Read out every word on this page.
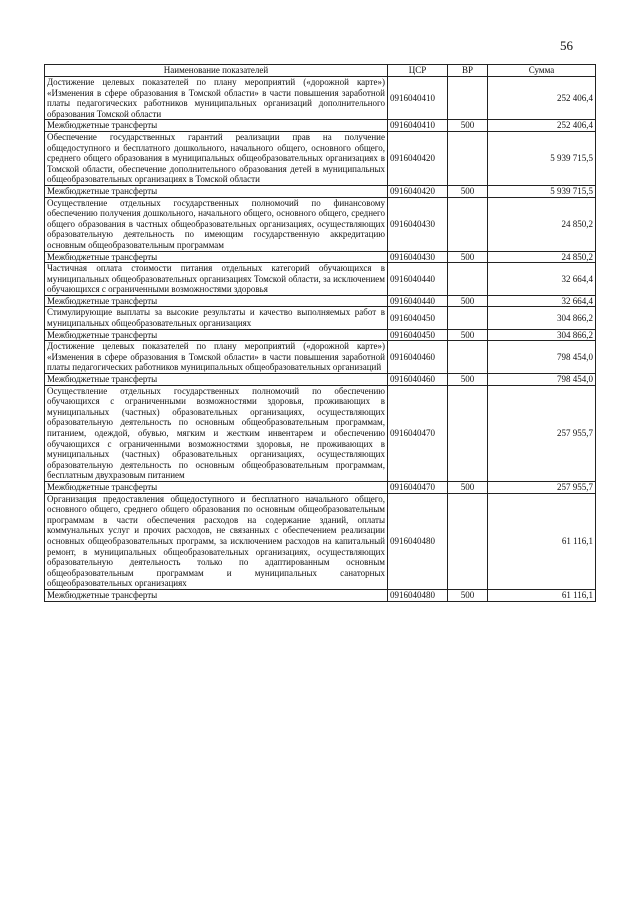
56
Наименование показателей	ЦСР	ВР	Сумма
Достижение целевых показателей по плану мероприятий («дорожной карте») «Изменения в сфере образования в Томской области» в части повышения заработной платы педагогических работников муниципальных организаций дополнительного образования Томской области	0916040410		252 406,4
Межбюджетные трансферты	0916040410	500	252 406,4
Обеспечение государственных гарантий реализации прав на получение общедоступного и бесплатного дошкольного, начального общего, основного общего, среднего общего образования в муниципальных общеобразовательных организациях в Томской области, обеспечение дополнительного образования детей в муниципальных общеобразовательных организациях в Томской области	0916040420		5 939 715,5
Межбюджетные трансферты	0916040420	500	5 939 715,5
Осуществление отдельных государственных полномочий по финансовому обеспечению получения дошкольного, начального общего, основного общего, среднего общего образования в частных общеобразовательных организациях, осуществляющих образовательную деятельность по имеющим государственную аккредитацию основным общеобразовательным программам	0916040430		24 850,2
Межбюджетные трансферты	0916040430	500	24 850,2
Частичная оплата стоимости питания отдельных категорий обучающихся в муниципальных общеобразовательных организациях Томской области, за исключением обучающихся с ограниченными возможностями здоровья	0916040440		32 664,4
Межбюджетные трансферты	0916040440	500	32 664,4
Стимулирующие выплаты за высокие результаты и качество выполняемых работ в муниципальных общеобразовательных организациях	0916040450		304 866,2
Межбюджетные трансферты	0916040450	500	304 866,2
Достижение целевых показателей по плану мероприятий («дорожной карте») «Изменения в сфере образования в Томской области» в части повышения заработной платы педагогических работников муниципальных общеобразовательных организаций	0916040460		798 454,0
Межбюджетные трансферты	0916040460	500	798 454,0
Осуществление отдельных государственных полномочий по обеспечению обучающихся с ограниченными возможностями здоровья, проживающих в муниципальных (частных) образовательных организациях, осуществляющих образовательную деятельность по основным общеобразовательным программам, питанием, одеждой, обувью, мягким и жестким инвентарем и обеспечению обучающихся с ограниченными возможностями здоровья, не проживающих в муниципальных (частных) образовательных организациях, осуществляющих образовательную деятельность по основным общеобразовательным программам, бесплатным двухразовым питанием	0916040470		257 955,7
Межбюджетные трансферты	0916040470	500	257 955,7
Организация предоставления общедоступного и бесплатного начального общего, основного общего, среднего общего образования по основным общеобразовательным программам в части обеспечения расходов на содержание зданий, оплаты коммунальных услуг и прочих расходов, не связанных с обеспечением реализации основных общеобразовательных программ, за исключением расходов на капитальный ремонт, в муниципальных общеобразовательных организациях, осуществляющих образовательную деятельность только по адаптированным основным общеобразовательным программам и муниципальных санаторных общеобразовательных организациях	0916040480		61 116,1
Межбюджетные трансферты	0916040480	500	61 116,1
